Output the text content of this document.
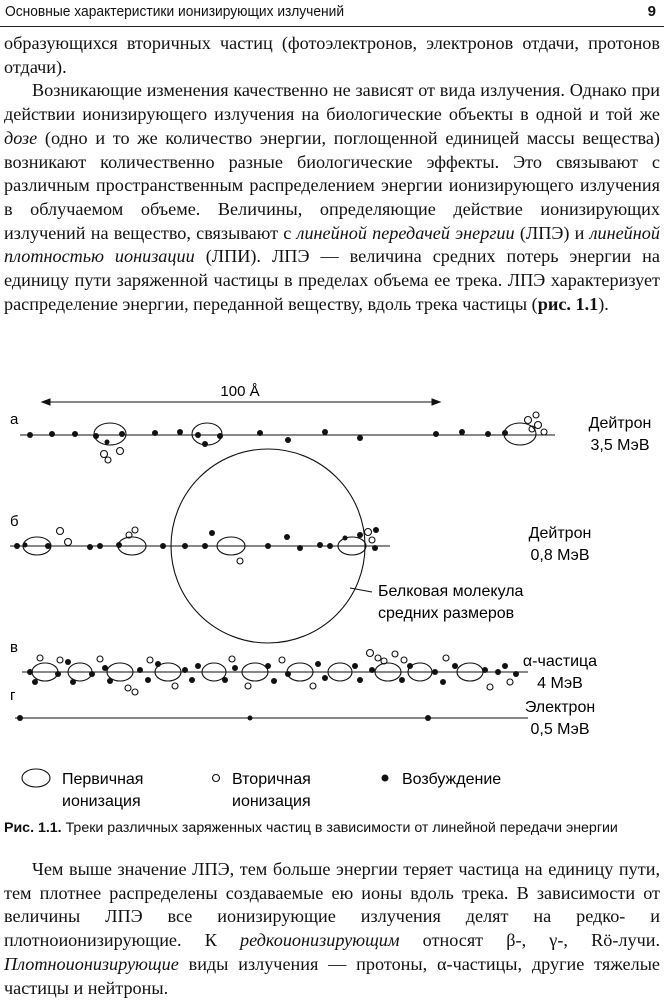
Основные характеристики ионизирующих излучений	9

образующихся вторичных частиц (фотоэлектронов, электронов отдачи, протонов отдачи).

Возникающие изменения качественно не зависят от вида излучения. Однако при действии ионизирующего излучения на биологические объекты в одной и той же дозе (одно и то же количество энергии, поглощенной единицей массы вещества) возникают количественно разные биологические эффекты. Это связывают с различным пространственным распределением энергии ионизирующего излучения в облучаемом объеме. Величины, определяющие действие ионизирующих излучений на вещество, связывают с линейной передачей энергии (ЛПЭ) и линейной плотностью ионизации (ЛПИ). ЛПЭ — величина средних потерь энергии на единицу пути заряженной частицы в пределах объема ее трека. ЛПЭ характеризует распределение энергии, переданной веществу, вдоль трека частицы (рис. 1.1).

100 Å
а	Дейтрон
3,5 МэВ
б
Дейтрон
0,8 МэВ
Белковая молекула
средних размеров
в
α-частица
4 МэВ
г
Электрон
0,5 МэВ
Первичная
ионизация
Вторичная
ионизация
Возбуждение
Рис. 1.1. Треки различных заряженных частиц в зависимости от линейной передачи энергии

Чем выше значение ЛПЭ, тем больше энергии теряет частица на единицу пути, тем плотнее распределены создаваемые ею ионы вдоль трека. В зависимости от величины ЛПЭ все ионизирующие излучения делят на редко- и плотноионизирующие. К редкоионизирующим относят β-, γ-, Rö-лучи. Плотноионизирующие виды излучения — протоны, α-частицы, другие тяжелые частицы и нейтроны.
